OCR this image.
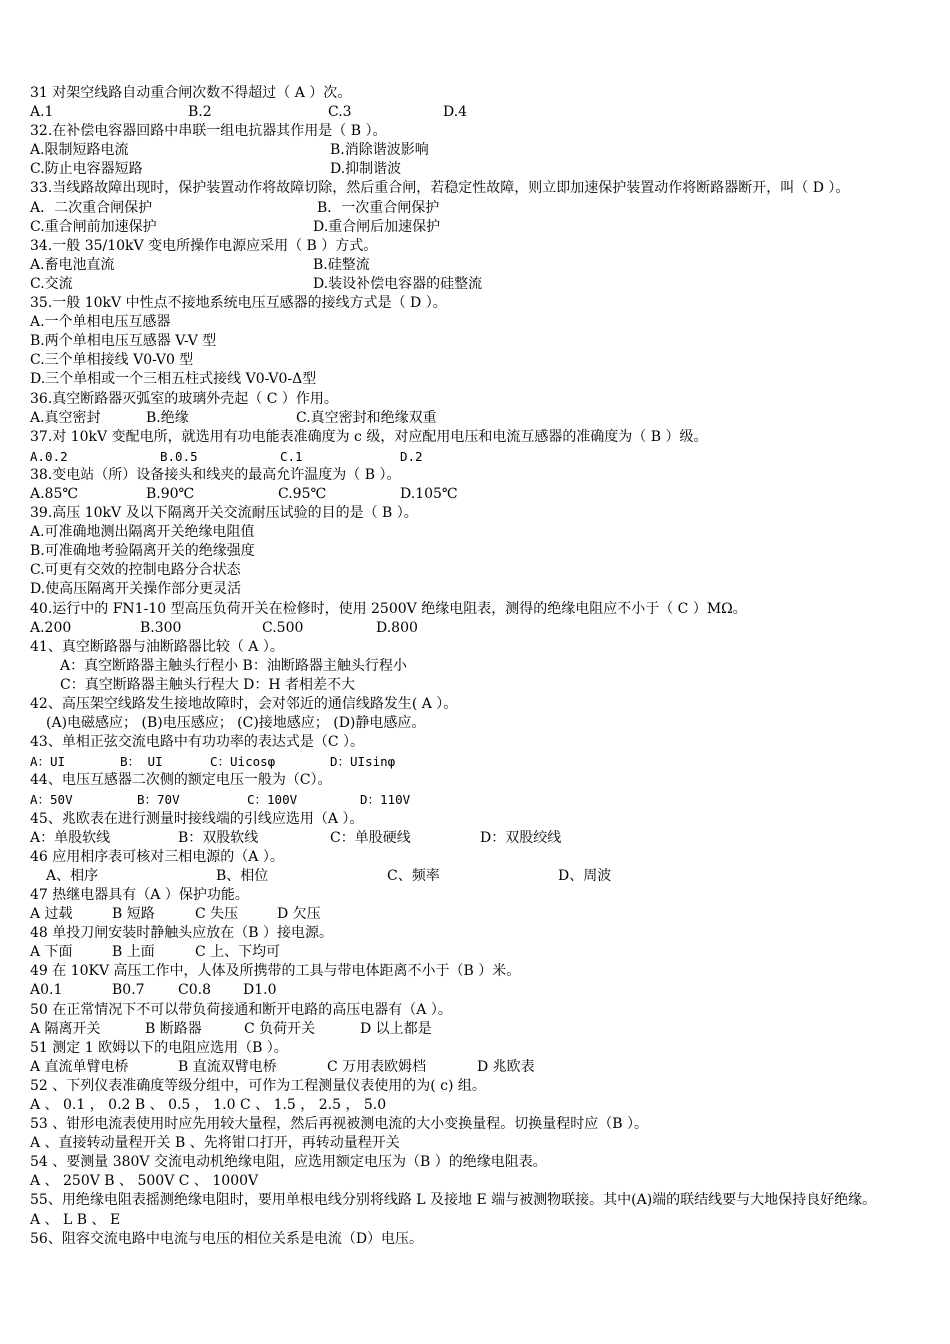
31 对架空线路自动重合闸次数不得超过（ A ）次。
A.1	B.2	C.3	D.4
32.在补偿电容器回路中串联一组电抗器其作用是（ B ）。
A.限制短路电流	B.消除谐波影响
C.防止电容器短路	D.抑制谐波
33.当线路故障出现时，保护装置动作将故障切除，然后重合闸，若稳定性故障，则立即加速保护装置动作将断路器断开，叫（ D ）。
A．二次重合闸保护	B．一次重合闸保护
C.重合闸前加速保护	D.重合闸后加速保护
34.一般 35/10kV 变电所操作电源应采用（ B ）方式。
A.畜电池直流	B.硅整流
C.交流	D.装设补偿电容器的硅整流
35.一般 10kV 中性点不接地系统电压互感器的接线方式是（ D ）。
A.一个单相电压互感器
B.两个单相电压互感器 V-V 型
C.三个单相接线 V0-V0 型
D.三个单相或一个三相五柱式接线 V0-V0-Δ型
36.真空断路器灭弧室的玻璃外壳起（ C ）作用。
A.真空密封	B.绝缘	C.真空密封和绝缘双重
37.对 10kV 变配电所，就选用有功电能表准确度为 c 级，对应配用电压和电流互感器的准确度为（ B ）级。
A.0.2	B.0.5	C.1	D.2
38.变电站（所）设备接头和线夹的最高允许温度为（ B ）。
A.85℃	B.90℃	C.95℃	D.105℃
39.高压 10kV 及以下隔离开关交流耐压试验的目的是（ B ）。
A.可准确地测出隔离开关绝缘电阻值
B.可准确地考验隔离开关的绝缘强度
C.可更有交效的控制电路分合状态
D.使高压隔离开关操作部分更灵活
40.运行中的 FN1-10 型高压负荷开关在检修时，使用 2500V 绝缘电阻表，测得的绝缘电阻应不小于（ C ）MΩ。
A.200	B.300	C.500	D.800
41、真空断路器与油断路器比较（ A ）。
A：真空断路器主触头行程小 B：油断路器主触头行程小
C：真空断路器主触头行程大 D：H 者相差不大
42、高压架空线路发生接地故障时，会对邻近的通信线路发生( A ）。
(A)电磁感应； (B)电压感应； (C)接地感应； (D)静电感应。
43、单相正弦交流电路中有功功率的表达式是（C ）。
A：UI	B： UI	C：Uicosφ	D：UIsinφ
44、电压互感器二次侧的额定电压一般为（C）。
A：50V	B：70V	C：100V	D：110V
45、兆欧表在进行测量时接线端的引线应选用（A ）。
A：单股软线	B：双股软线	C：单股硬线	D：双股绞线
46 应用相序表可核对三相电源的（A ）。
A、相序	B、相位	C、频率	D、周波
47 热继电器具有（A ）保护功能。
A 过载	B 短路	C 失压	D 欠压
48 单投刀闸安装时静触头应放在（B ）接电源。
A 下面	B 上面	C 上、下均可
49 在 10KV 高压工作中，人体及所携带的工具与带电体距离不小于（B ）米。
A0.1	B0.7 C0.8 D1.0
50 在正常情况下不可以带负荷接通和断开电路的高压电器有（A ）。
A 隔离开关	B 断路器	C 负荷开关	D 以上都是
51 测定 1 欧姆以下的电阻应选用（B ）。
A 直流单臂电桥	B 直流双臂电桥	C 万用表欧姆档	D 兆欧表
52 、下列仪表准确度等级分组中，可作为工程测量仪表使用的为( c) 组。
A 、 0.1 ， 0.2 B 、 0.5 ， 1.0 C 、 1.5 ， 2.5 ， 5.0
53 、钳形电流表使用时应先用较大量程，然后再视被测电流的大小变换量程。切换量程时应（B ）。
A 、直接转动量程开关 B 、先将钳口打开，再转动量程开关
54 、要测量 380V 交流电动机绝缘电阻，应选用额定电压为（B ）的绝缘电阻表。
A 、 250V B 、 500V C 、 1000V
55、用绝缘电阻表摇测绝缘电阻时，要用单根电线分别将线路 L 及接地 E 端与被测物联接。其中(A)端的联结线要与大地保持良好绝缘。
A 、 L B 、 E
56、阻容交流电路中电流与电压的相位关系是电流（D）电压。
